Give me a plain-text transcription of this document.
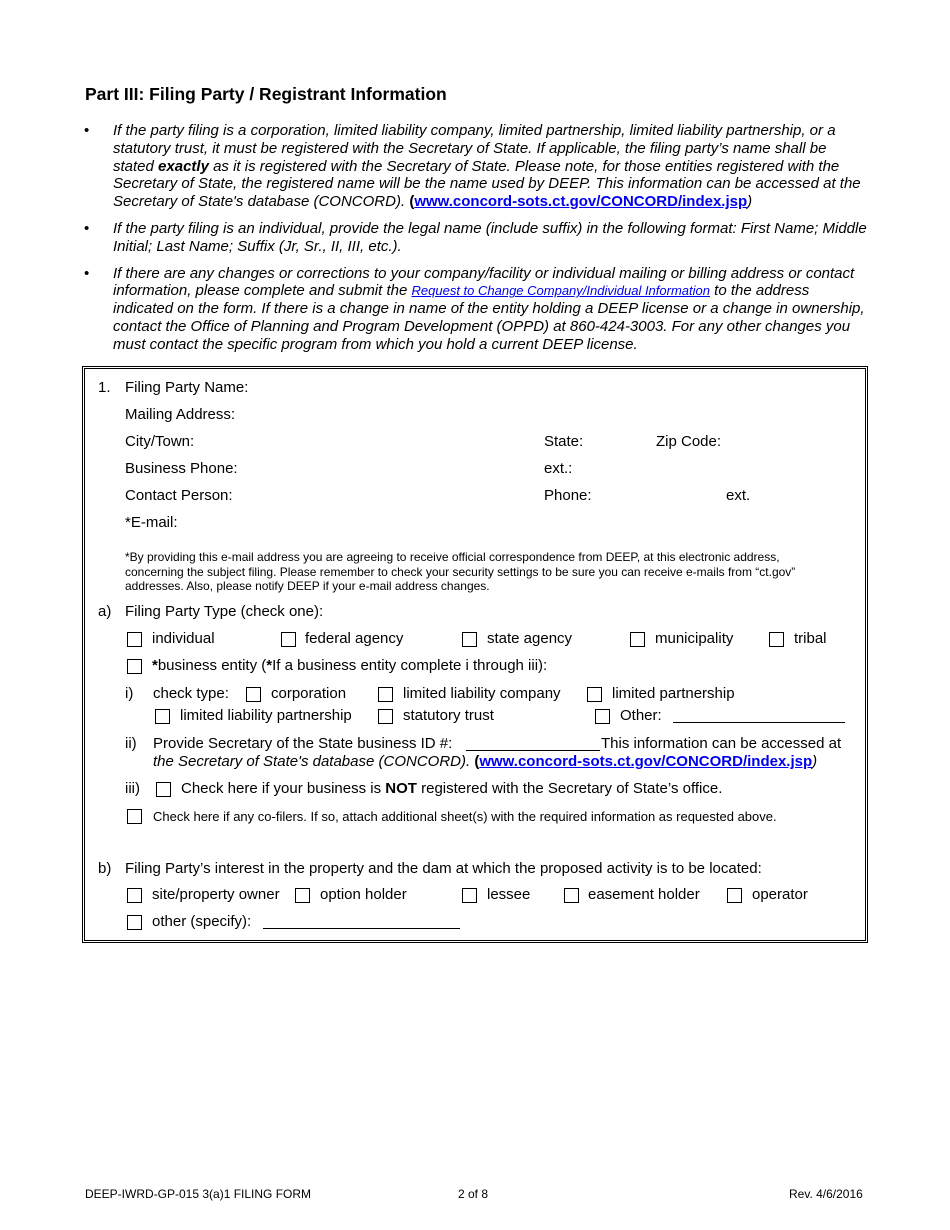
Part III: Filing Party / Registrant Information
• If the party filing is a corporation, limited liability company, limited partnership, limited liability partnership, or a statutory trust, it must be registered with the Secretary of State. If applicable, the filing party’s name shall be stated exactly as it is registered with the Secretary of State. Please note, for those entities registered with the Secretary of State, the registered name will be the name used by DEEP. This information can be accessed at the Secretary of State's database (CONCORD). (www.concord-sots.ct.gov/CONCORD/index.jsp)
• If the party filing is an individual, provide the legal name (include suffix) in the following format: First Name; Middle Initial; Last Name; Suffix (Jr, Sr., II, III, etc.).
• If there are any changes or corrections to your company/facility or individual mailing or billing address or contact information, please complete and submit the Request to Change Company/Individual Information to the address indicated on the form. If there is a change in name of the entity holding a DEEP license or a change in ownership, contact the Office of Planning and Program Development (OPPD) at 860-424-3003. For any other changes you must contact the specific program from which you hold a current DEEP license.
1. Filing Party Name:
Mailing Address:
City/Town:	State:	Zip Code:
Business Phone:	ext.:
Contact Person:	Phone:	ext.
*E-mail:
*By providing this e-mail address you are agreeing to receive official correspondence from DEEP, at this electronic address, concerning the subject filing. Please remember to check your security settings to be sure you can receive e-mails from “ct.gov” addresses. Also, please notify DEEP if your e-mail address changes.
a) Filing Party Type (check one):
individual	federal agency	state agency	municipality	tribal
*business entity (*If a business entity complete i through iii):
i) check type:	corporation	limited liability company	limited partnership
limited liability partnership	statutory trust	Other:
ii) Provide Secretary of the State business ID #:	This information can be accessed at
the Secretary of State's database (CONCORD). (www.concord-sots.ct.gov/CONCORD/index.jsp)
iii)	Check here if your business is NOT registered with the Secretary of State’s office.
Check here if any co-filers. If so, attach additional sheet(s) with the required information as requested above.
b) Filing Party’s interest in the property and the dam at which the proposed activity is to be located:
site/property owner	option holder	lessee	easement holder	operator
other (specify):
DEEP-IWRD-GP-015 3(a)1 FILING FORM	2 of 8	Rev. 4/6/2016
